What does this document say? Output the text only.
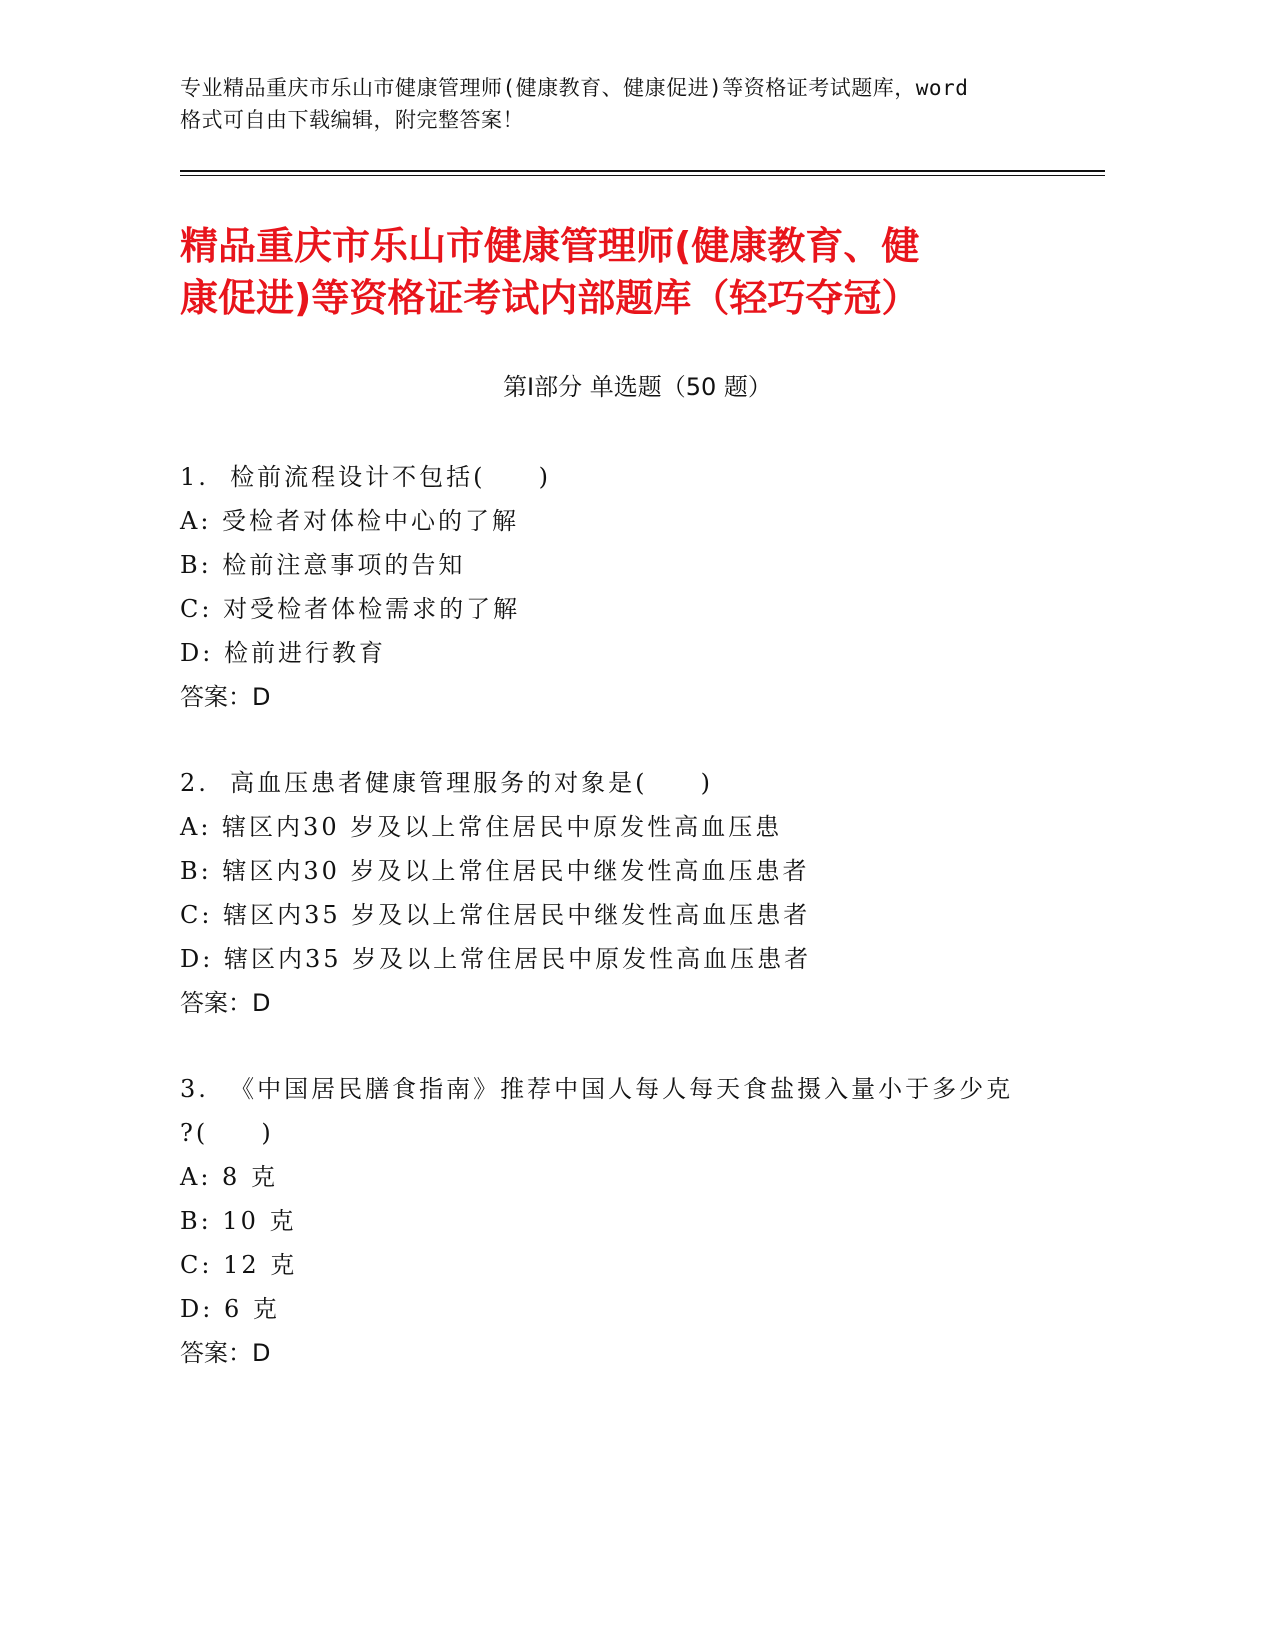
专业精品重庆市乐山市健康管理师(健康教育、健康促进)等资格证考试题库，word
格式可自由下载编辑，附完整答案！
精品重庆市乐山市健康管理师(健康教育、健
康促进)等资格证考试内部题库（轻巧夺冠）
第Ⅰ部分 单选题（50 题）
1.  检前流程设计不包括(     )
A: 受检者对体检中心的了解
B: 检前注意事项的告知
C: 对受检者体检需求的了解
D: 检前进行教育
答案：D
2.  高血压患者健康管理服务的对象是(     )
A: 辖区内30 岁及以上常住居民中原发性高血压患
B: 辖区内30 岁及以上常住居民中继发性高血压患者
C: 辖区内35 岁及以上常住居民中继发性高血压患者
D: 辖区内35 岁及以上常住居民中原发性高血压患者
答案：D
3.  《中国居民膳食指南》推荐中国人每人每天食盐摄入量小于多少克
?(     )
A: 8 克
B: 10 克
C: 12 克
D: 6 克
答案：D
